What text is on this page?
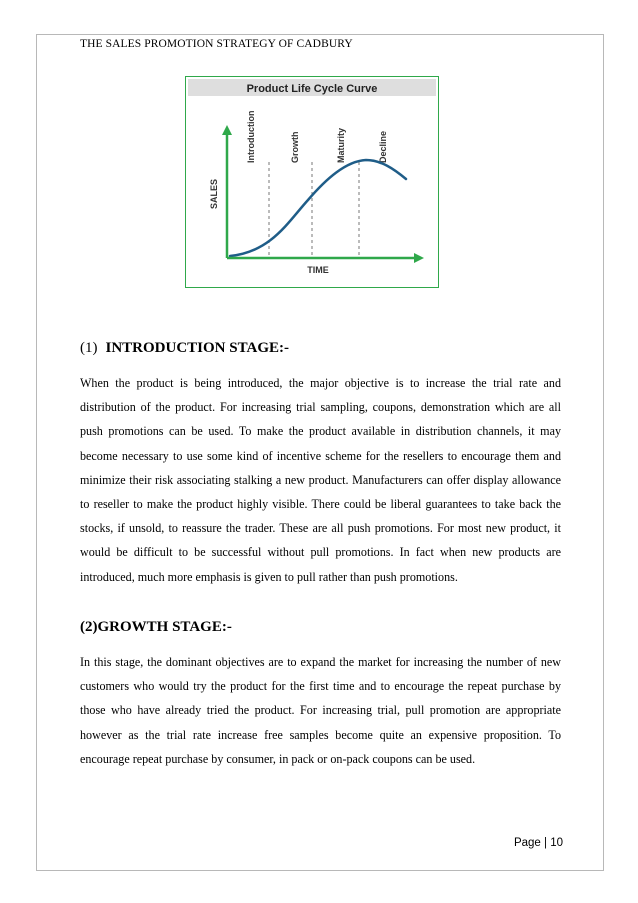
THE SALES PROMOTION STRATEGY OF CADBURY
Product Life Cycle Curve
Introduction	Growth	Maturity	Decline
SALES
TIME
(1) INTRODUCTION STAGE:-

When the product is being introduced, the major objective is to increase the trial rate and distribution of the product. For increasing trial sampling, coupons, demonstration which are all push promotions can be used. To make the product available in distribution channels, it may become necessary to use some kind of incentive scheme for the resellers to encourage them and minimize their risk associating stalking a new product. Manufacturers can offer display allowance to reseller to make the product highly visible. There could be liberal guarantees to take back the stocks, if unsold, to reassure the trader. These are all push promotions. For most new product, it would be difficult to be successful without pull promotions. In fact when new products are introduced, much more emphasis is given to pull rather than push promotions.

(2)GROWTH STAGE:-

In this stage, the dominant objectives are to expand the market for increasing the number of new customers who would try the product for the first time and to encourage the repeat purchase by those who have already tried the product. For increasing trial, pull promotion are appropriate however as the trial rate increase free samples become quite an expensive proposition. To encourage repeat purchase by consumer, in pack or on-pack coupons can be used.

Page | 10
